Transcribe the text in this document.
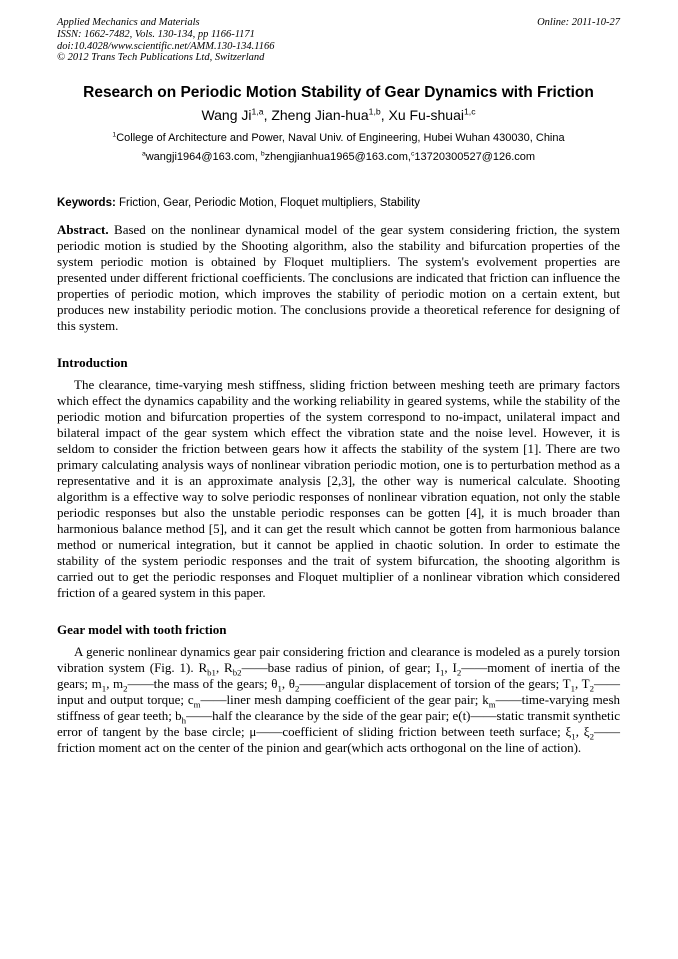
Applied Mechanics and Materials
ISSN: 1662-7482, Vols. 130-134, pp 1166-1171
doi:10.4028/www.scientific.net/AMM.130-134.1166
© 2012 Trans Tech Publications Ltd, Switzerland
Online: 2011-10-27
Research on Periodic Motion Stability of Gear Dynamics with Friction
Wang Ji$^{1,a}$, Zheng Jian-hua$^{1,b}$, Xu Fu-shuai$^{1,c}$
$^1$College of Architecture and Power, Naval Univ. of Engineering, Hubei Wuhan 430030, China
$^a$wangji1964@163.com, $^b$zhengjianhua1965@163.com,$^c$13720300527@126.com

Keywords: Friction, Gear, Periodic Motion, Floquet multipliers, Stability

Abstract. Based on the nonlinear dynamical model of the gear system considering friction, the system periodic motion is studied by the Shooting algorithm, also the stability and bifurcation properties of the system periodic motion is obtained by Floquet multipliers. The system's evolvement properties are presented under different frictional coefficients. The conclusions are indicated that friction can influence the properties of periodic motion, which improves the stability of periodic motion on a certain extent, but produces new instability periodic motion. The conclusions provide a theoretical reference for designing of this system.

Introduction

The clearance, time-varying mesh stiffness, sliding friction between meshing teeth are primary factors which effect the dynamics capability and the working reliability in geared systems, while the stability of the periodic motion and bifurcation properties of the system correspond to no-impact, unilateral impact and bilateral impact of the gear system which effect the vibration state and the noise level. However, it is seldom to consider the friction between gears how it affects the stability of the system [1]. There are two primary calculating analysis ways of nonlinear vibration periodic motion, one is to perturbation method as a representative and it is an approximate analysis [2,3], the other way is numerical calculate. Shooting algorithm is a effective way to solve periodic responses of nonlinear vibration equation, not only the stable periodic responses but also the unstable periodic responses can be gotten [4], it is much broader than harmonious balance method [5], and it can get the result which cannot be gotten from harmonious balance method or numerical integration, but it cannot be applied in chaotic solution. In order to estimate the stability of the system periodic responses and the trait of system bifurcation, the shooting algorithm is carried out to get the periodic responses and Floquet multiplier of a nonlinear vibration which considered friction of a geared system in this paper.

Gear model with tooth friction

A generic nonlinear dynamics gear pair considering friction and clearance is modeled as a purely torsion vibration system (Fig. 1). $R_{b1}$, $R_{b2}——base$ radius of pinion, of gear; $I_1$, $I_2——moment$ of inertia of the gears; $m_1$, $m_2——the$ mass of the gears; $\theta_1$, $\theta_2——angular$ displacement of torsion of the gears; $T_1$, $T_2——input$ and output torque; $c_m——liner$ mesh damping coefficient of the gear pair; $k_m——time$-varying mesh stiffness of gear teeth; $b_h——half$ the clearance by the side of the gear pair; e(t)——static transmit synthetic error of tangent by the base circle; μ——coefficient of sliding friction between teeth surface; $\xi_1$, $\xi_2——friction$ moment act on the center of the pinion and gear(which acts orthogonal on the line of action).
